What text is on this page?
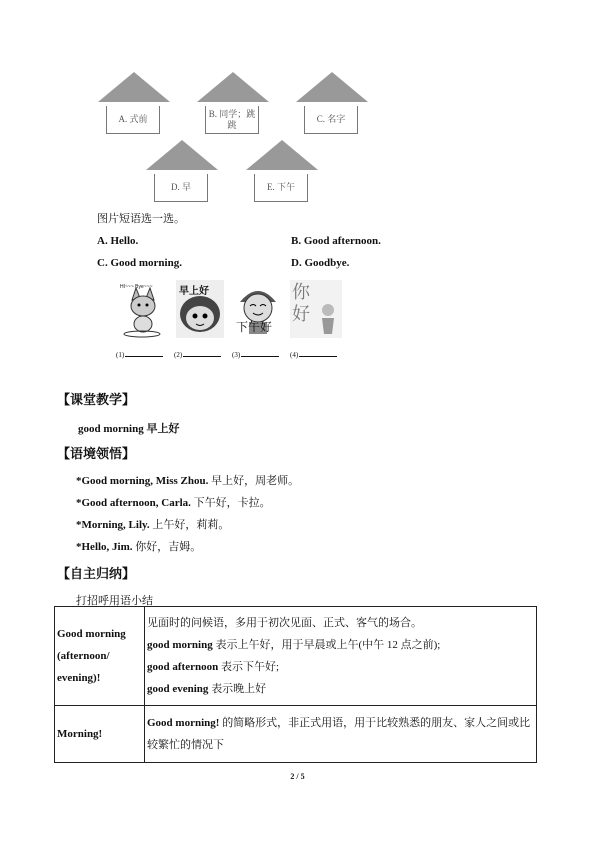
A. 式前
B. 同学；跳跳
C. 名字
D. 早	E. 下午
图片短语选一选。
A. Hello.	B. Good afternoon.
C. Good morning.	D. Goodbye.
HI~~~ Bye~~~	早上好
下午好
你好
(1)	(2)	(3)	(4)
【课堂教学】
good morning 早上好
【语境领悟】
*Good morning, Miss Zhou. 早上好，周老师。
*Good afternoon, Carla. 下午好，卡拉。
*Morning, Lily. 上午好，莉莉。
*Hello, Jim. 你好，吉姆。
【自主归纳】
打招呼用语小结
Good morning (afternoon/ evening)!	见面时的问候语，多用于初次见面、正式、客气的场合。
good morning 表示上午好，用于早晨或上午(中午 12 点之前);
good afternoon 表示下午好;
good evening 表示晚上好

Morning!	Good morning! 的简略形式，非正式用语，用于比较熟悉的朋友、家人之间或比较繁忙的情况下
2 / 5
